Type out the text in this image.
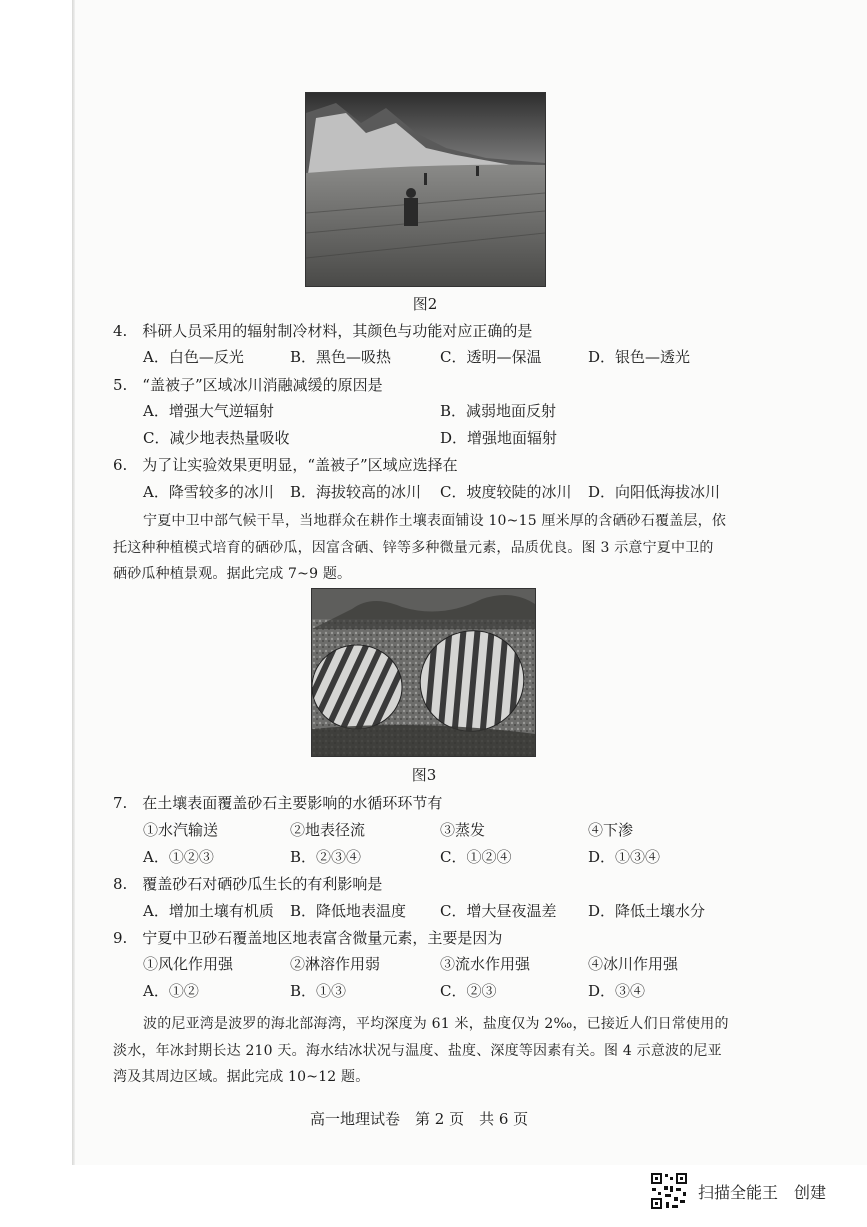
图2
4.　科研人员采用的辐射制冷材料，其颜色与功能对应正确的是
A．白色—反光	B．黑色—吸热	C．透明—保温	D．银色—透光
5.　“盖被子”区域冰川消融减缓的原因是
A．增强大气逆辐射	B．减弱地面反射
C．减少地表热量吸收	D．增强地面辐射
6.　为了让实验效果更明显，“盖被子”区域应选择在
A．降雪较多的冰川 B．海拔较高的冰川 C．坡度较陡的冰川 D．向阳低海拔冰川
宁夏中卫中部气候干旱，当地群众在耕作土壤表面铺设 10~15 厘米厚的含硒砂石覆盖层，依
托这种种植模式培育的硒砂瓜，因富含硒、锌等多种微量元素，品质优良。图 3 示意宁夏中卫的
硒砂瓜种植景观。据此完成 7~9 题。
图3
7.　在土壤表面覆盖砂石主要影响的水循环环节有
①水汽输送	②地表径流	③蒸发	④下渗
A．①②③	B．②③④	C．①②④	D．①③④
8.　覆盖砂石对硒砂瓜生长的有利影响是
A．增加土壤有机质 B．降低地表温度 C．增大昼夜温差 D．降低土壤水分
9.　宁夏中卫砂石覆盖地区地表富含微量元素，主要是因为
①风化作用强	②淋溶作用弱	③流水作用强	④冰川作用强
A．①②	B．①③	C．②③	D．③④
波的尼亚湾是波罗的海北部海湾，平均深度为 61 米，盐度仅为 2‰，已接近人们日常使用的
淡水，年冰封期长达 210 天。海水结冰状况与温度、盐度、深度等因素有关。图 4 示意波的尼亚
湾及其周边区域。据此完成 10~12 题。
高一地理试卷　第 2 页　共 6 页
扫描全能王　创建
